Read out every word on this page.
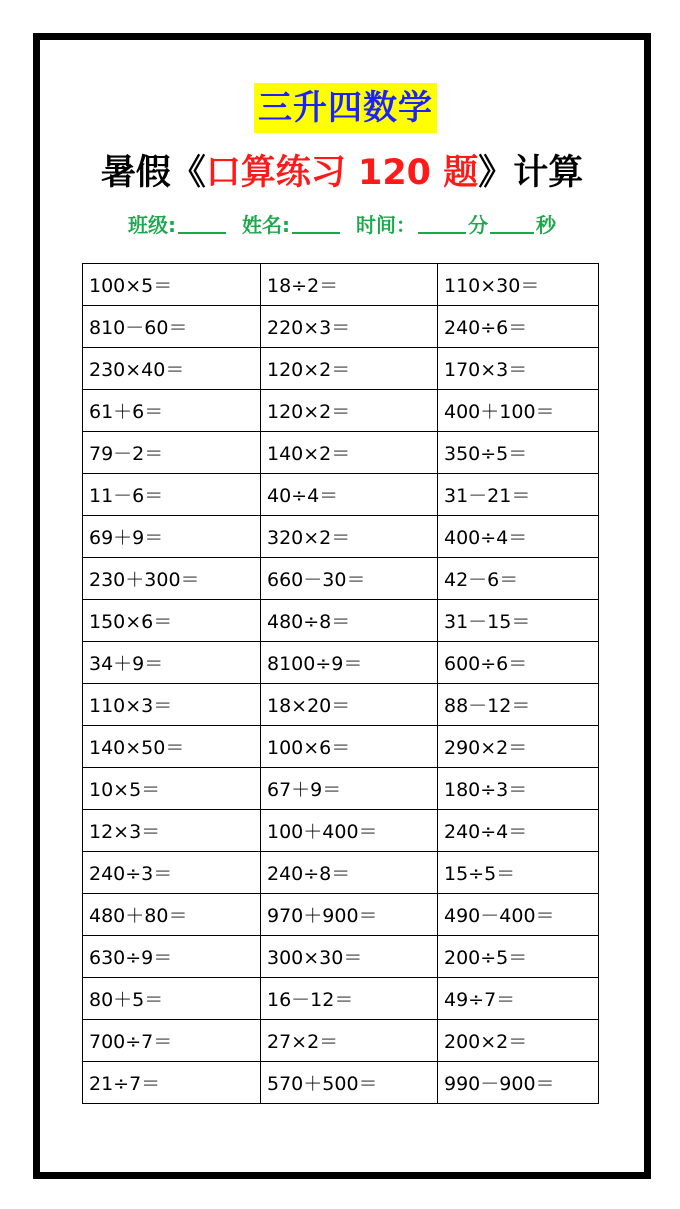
三升四数学
暑假《口算练习 120 题》计算
班级:	姓名:	时间：	分 秒
100×5＝	18÷2＝	110×30＝
810－60＝	220×3＝	240÷6＝
230×40＝	120×2＝	170×3＝
61＋6＝	120×2＝	400＋100＝
79－2＝	140×2＝	350÷5＝
11－6＝	40÷4＝	31－21＝
69＋9＝	320×2＝	400÷4＝
230＋300＝	660－30＝	42－6＝
150×6＝	480÷8＝	31－15＝
34＋9＝	8100÷9＝	600÷6＝
110×3＝	18×20＝	88－12＝
140×50＝	100×6＝	290×2＝
10×5＝	67＋9＝	180÷3＝
12×3＝	100＋400＝	240÷4＝
240÷3＝	240÷8＝	15÷5＝
480＋80＝	970＋900＝	490－400＝
630÷9＝	300×30＝	200÷5＝
80＋5＝	16－12＝	49÷7＝
700÷7＝	27×2＝	200×2＝
21÷7＝	570＋500＝	990－900＝
